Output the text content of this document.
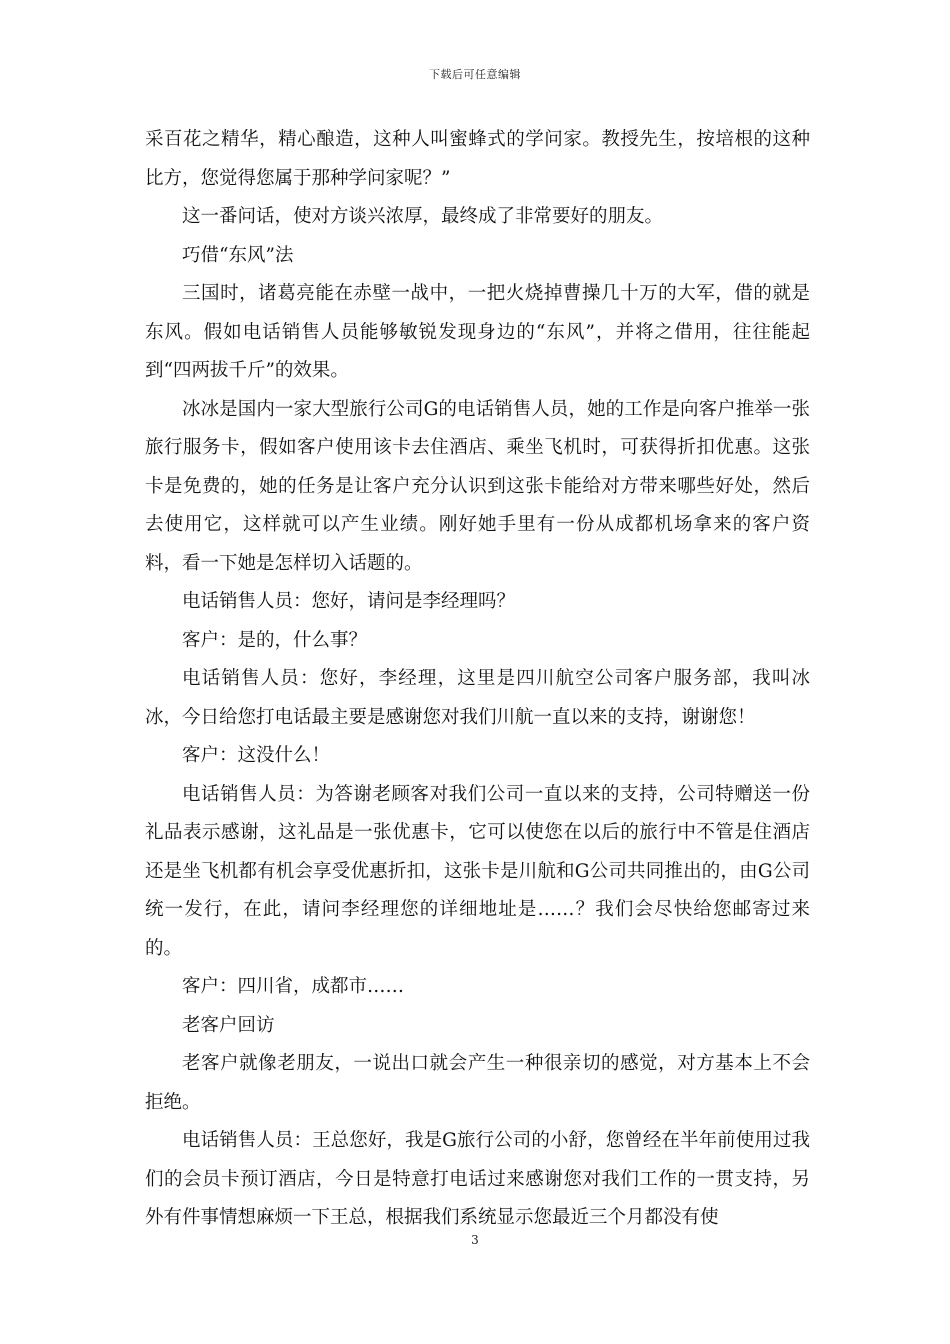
下载后可任意编辑

采百花之精华，精心酿造，这种人叫蜜蜂式的学问家。教授先生，按培根的这种比方，您觉得您属于那种学问家呢？”

这一番问话，使对方谈兴浓厚，最终成了非常要好的朋友。

巧借“东风”法

三国时，诸葛亮能在赤壁一战中，一把火烧掉曹操几十万的大军，借的就是东风。假如电话销售人员能够敏锐发现身边的“东风”，并将之借用，往往能起到“四两拔千斤”的效果。

冰冰是国内一家大型旅行公司G的电话销售人员，她的工作是向客户推举一张旅行服务卡，假如客户使用该卡去住酒店、乘坐飞机时，可获得折扣优惠。这张卡是免费的，她的任务是让客户充分认识到这张卡能给对方带来哪些好处，然后去使用它，这样就可以产生业绩。刚好她手里有一份从成都机场拿来的客户资料，看一下她是怎样切入话题的。

电话销售人员：您好，请问是李经理吗？

客户：是的，什么事？

电话销售人员：您好，李经理，这里是四川航空公司客户服务部，我叫冰冰，今日给您打电话最主要是感谢您对我们川航一直以来的支持，谢谢您！

客户：这没什么！

电话销售人员：为答谢老顾客对我们公司一直以来的支持，公司特赠送一份礼品表示感谢，这礼品是一张优惠卡，它可以使您在以后的旅行中不管是住酒店还是坐飞机都有机会享受优惠折扣，这张卡是川航和G公司共同推出的，由G公司统一发行，在此，请问李经理您的详细地址是……？我们会尽快给您邮寄过来的。

客户：四川省，成都市……

老客户回访

老客户就像老朋友，一说出口就会产生一种很亲切的感觉，对方基本上不会拒绝。

电话销售人员：王总您好，我是G旅行公司的小舒，您曾经在半年前使用过我们的会员卡预订酒店，今日是特意打电话过来感谢您对我们工作的一贯支持，另外有件事情想麻烦一下王总，根据我们系统显示您最近三个月都没有使

3
